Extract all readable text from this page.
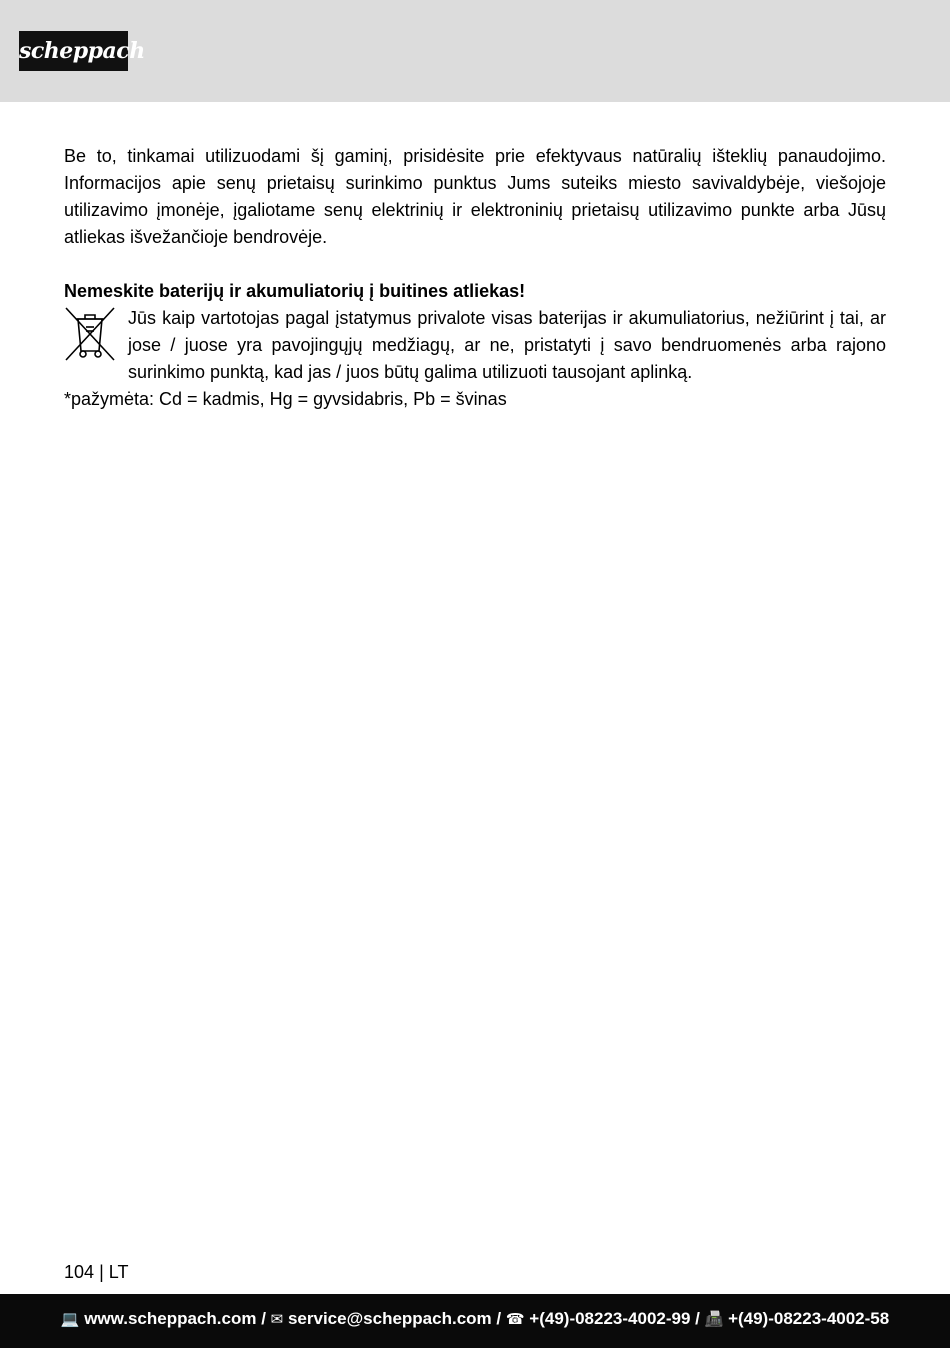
scheppach

Be to, tinkamai utilizuodami šį gaminį, prisidėsite prie efektyvaus natūralių išteklių panaudojimo. Informacijos apie senų prietaisų surinkimo punktus Jums suteiks miesto savivaldybėje, viešojoje utilizavimo įmonėje, įgaliotame senų elektrinių ir elektroninių prietaisų utilizavimo punkte arba Jūsų atliekas išvežančioje bendrovėje.

Nemeskite baterijų ir akumuliatorių į buitines atliekas!

Jūs kaip vartotojas pagal įstatymus privalote visas baterijas ir akumuliatorius, nežiūrint į tai, ar jose / juose yra pavojingųjų medžiagų, ar ne, pristatyti į savo bendruomenės arba rajono surinkimo punktą, kad jas / juos būtų galima utilizuoti tausojant aplinką.

*pažymėta: Cd = kadmis, Hg = gyvsidabris, Pb = švinas

104 | LT
💻 www.scheppach.com / ✉ service@scheppach.com / ☎ +(49)-08223-4002-99 / 📠 +(49)-08223-4002-58
